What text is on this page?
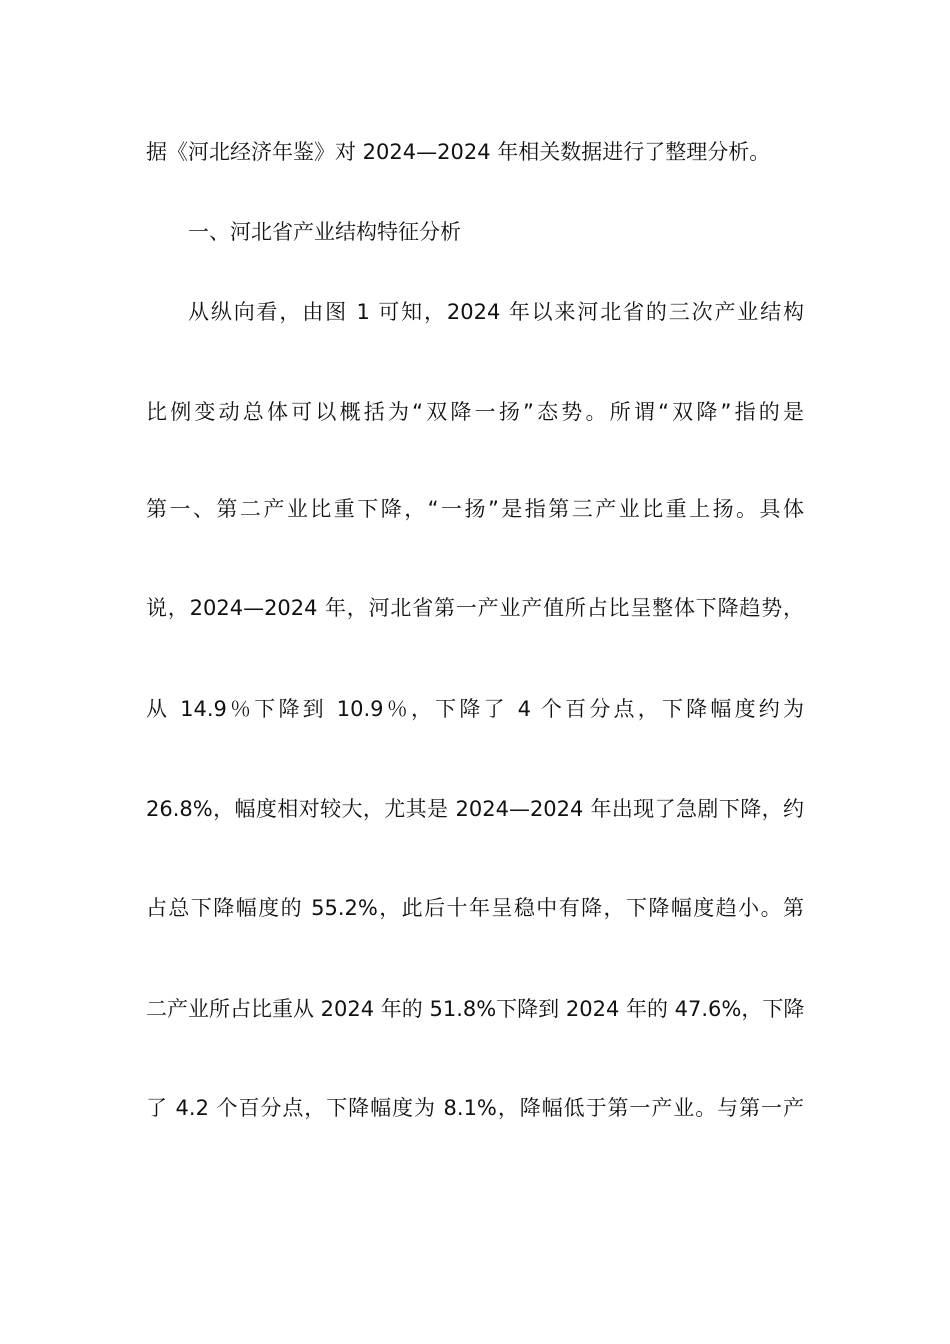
据《河北经济年鉴》对 2024—2024 年相关数据进行了整理分析。
一、河北省产业结构特征分析
从纵向看，由图 1 可知，2024 年以来河北省的三次产业结构
比例变动总体可以概括为“双降一扬”态势。所谓“双降”指的是
第一、第二产业比重下降，“一扬”是指第三产业比重上扬。具体
说，2024—2024 年，河北省第一产业产值所占比呈整体下降趋势，
从 14.9％下降到 10.9％，下降了 4 个百分点，下降幅度约为
26.8%，幅度相对较大，尤其是 2024—2024 年出现了急剧下降，约
占总下降幅度的 55.2%，此后十年呈稳中有降，下降幅度趋小。第
二产业所占比重从 2024 年的 51.8%下降到 2024 年的 47.6%，下降
了 4.2 个百分点，下降幅度为 8.1%，降幅低于第一产业。与第一产
